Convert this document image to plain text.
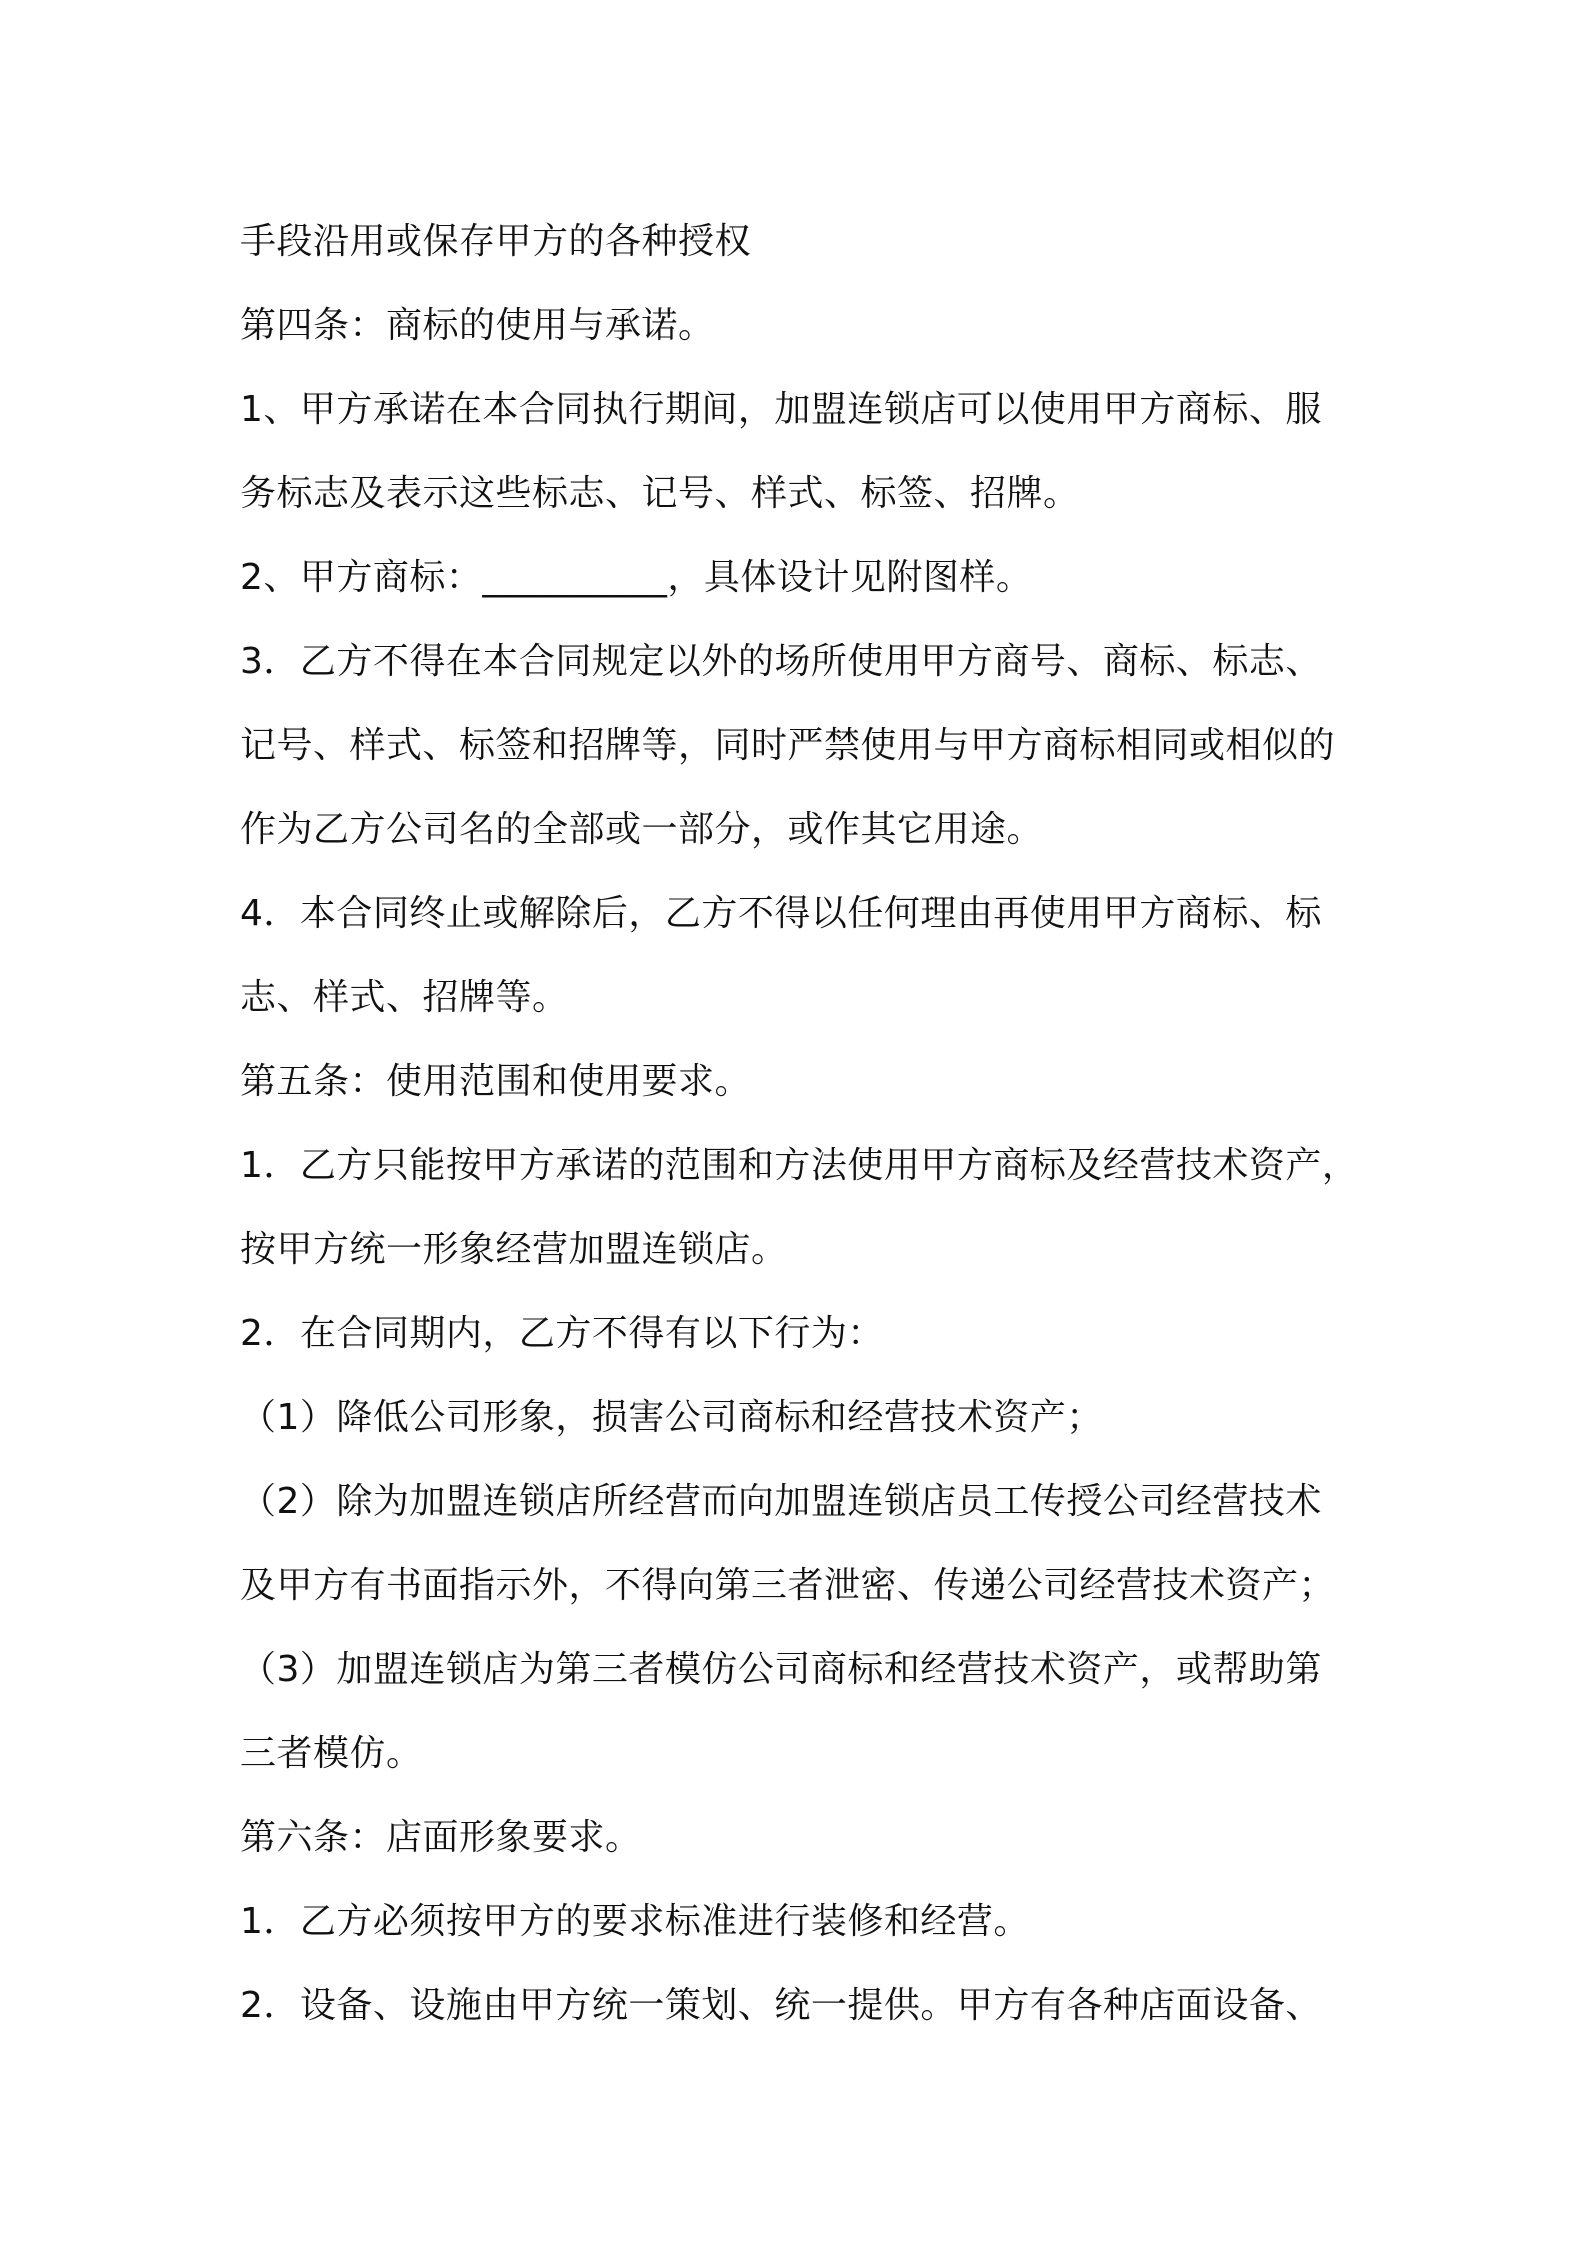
手段沿用或保存甲方的各种授权
第四条：商标的使用与承诺。
1、甲方承诺在本合同执行期间，加盟连锁店可以使用甲方商标、服
务标志及表示这些标志、记号、样式、标签、招牌。
2、甲方商标：__________，具体设计见附图样。
3．乙方不得在本合同规定以外的场所使用甲方商号、商标、标志、
记号、样式、标签和招牌等，同时严禁使用与甲方商标相同或相似的
作为乙方公司名的全部或一部分，或作其它用途。
4．本合同终止或解除后，乙方不得以任何理由再使用甲方商标、标
志、样式、招牌等。
第五条：使用范围和使用要求。
1．乙方只能按甲方承诺的范围和方法使用甲方商标及经营技术资产，
按甲方统一形象经营加盟连锁店。
2．在合同期内，乙方不得有以下行为：
（1）降低公司形象，损害公司商标和经营技术资产；
（2）除为加盟连锁店所经营而向加盟连锁店员工传授公司经营技术
及甲方有书面指示外，不得向第三者泄密、传递公司经营技术资产；
（3）加盟连锁店为第三者模仿公司商标和经营技术资产，或帮助第
三者模仿。
第六条：店面形象要求。
1．乙方必须按甲方的要求标准进行装修和经营。
2．设备、设施由甲方统一策划、统一提供。甲方有各种店面设备、
